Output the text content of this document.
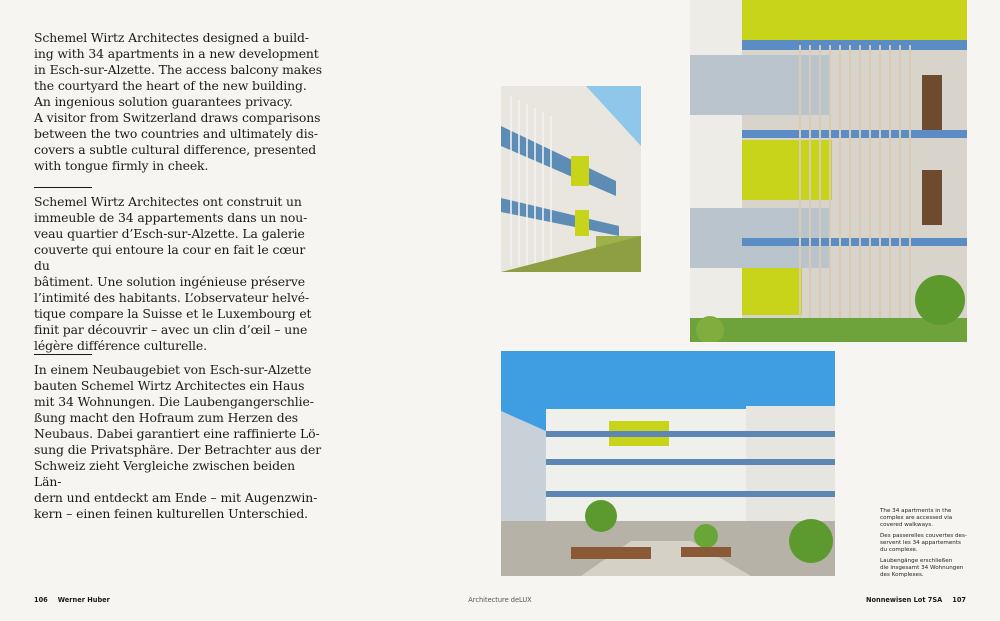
Schemel Wirtz Architectes designed a build-
ing with 34 apartments in a new development
in Esch-sur-Alzette. The access balcony makes
the courtyard the heart of the new building.
An ingenious solution guarantees privacy.
A visitor from Switzerland draws comparisons
between the two countries and ultimately dis-
covers a subtle cultural difference, presented
with tongue firmly in cheek.

Schemel Wirtz Architectes ont construit un
immeuble de 34 appartements dans un nou-
veau quartier d’Esch-sur-Alzette. La galerie
couverte qui entoure la cour en fait le cœur du
bâtiment. Une solution ingénieuse préserve
l’intimité des habitants. L’observateur helvé-
tique compare la Suisse et le Luxembourg et
finit par découvrir – avec un clin d’œil – une
légère différence culturelle.

In einem Neubaugebiet von Esch-sur-Alzette
bauten Schemel Wirtz Architectes ein Haus
mit 34 Wohnungen. Die Laubengangerschlie-
ßung macht den Hofraum zum Herzen des
Neubaus. Dabei garantiert eine raffinierte Lö-
sung die Privatsphäre. Der Betrachter aus der
Schweiz zieht Vergleiche zwischen beiden Län-
dern und entdeckt am Ende – mit Augenzwin-
kern – einen feinen kulturellen Unterschied.	The 34 apartments in the
complex are accessed via
covered walkways.

Des passerelles couvertes des-
servent les 34 appartements
du complexe.

Laubengänge erschließen
die insgesamt 34 Wohnungen
des Komplexes.

106 Werner Huber	Architecture deLUX	Nonnewisen Lot 7SA 107
